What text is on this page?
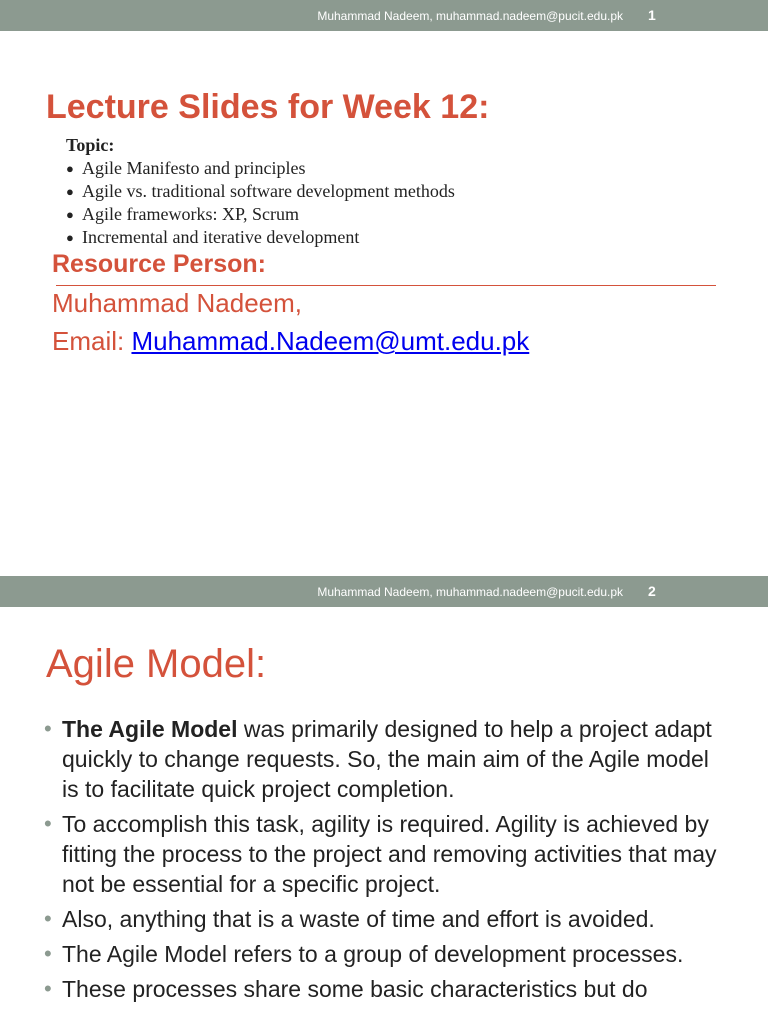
Muhammad Nadeem, muhammad.nadeem@pucit.edu.pk 1
Lecture Slides for Week 12:
Topic:
● Agile Manifesto and principles
● Agile vs. traditional software development methods
● Agile frameworks: XP, Scrum
● Incremental and iterative development
Resource Person:
Muhammad Nadeem,
Email: Muhammad.Nadeem@umt.edu.pk
Muhammad Nadeem, muhammad.nadeem@pucit.edu.pk 2
Agile Model:
• The Agile Model was primarily designed to help a project adapt quickly to change requests. So, the main aim of the Agile model is to facilitate quick project completion.
• To accomplish this task, agility is required. Agility is achieved by fitting the process to the project and removing activities that may not be essential for a specific project.
• Also, anything that is a waste of time and effort is avoided.
• The Agile Model refers to a group of development processes.
• These processes share some basic characteristics but do
